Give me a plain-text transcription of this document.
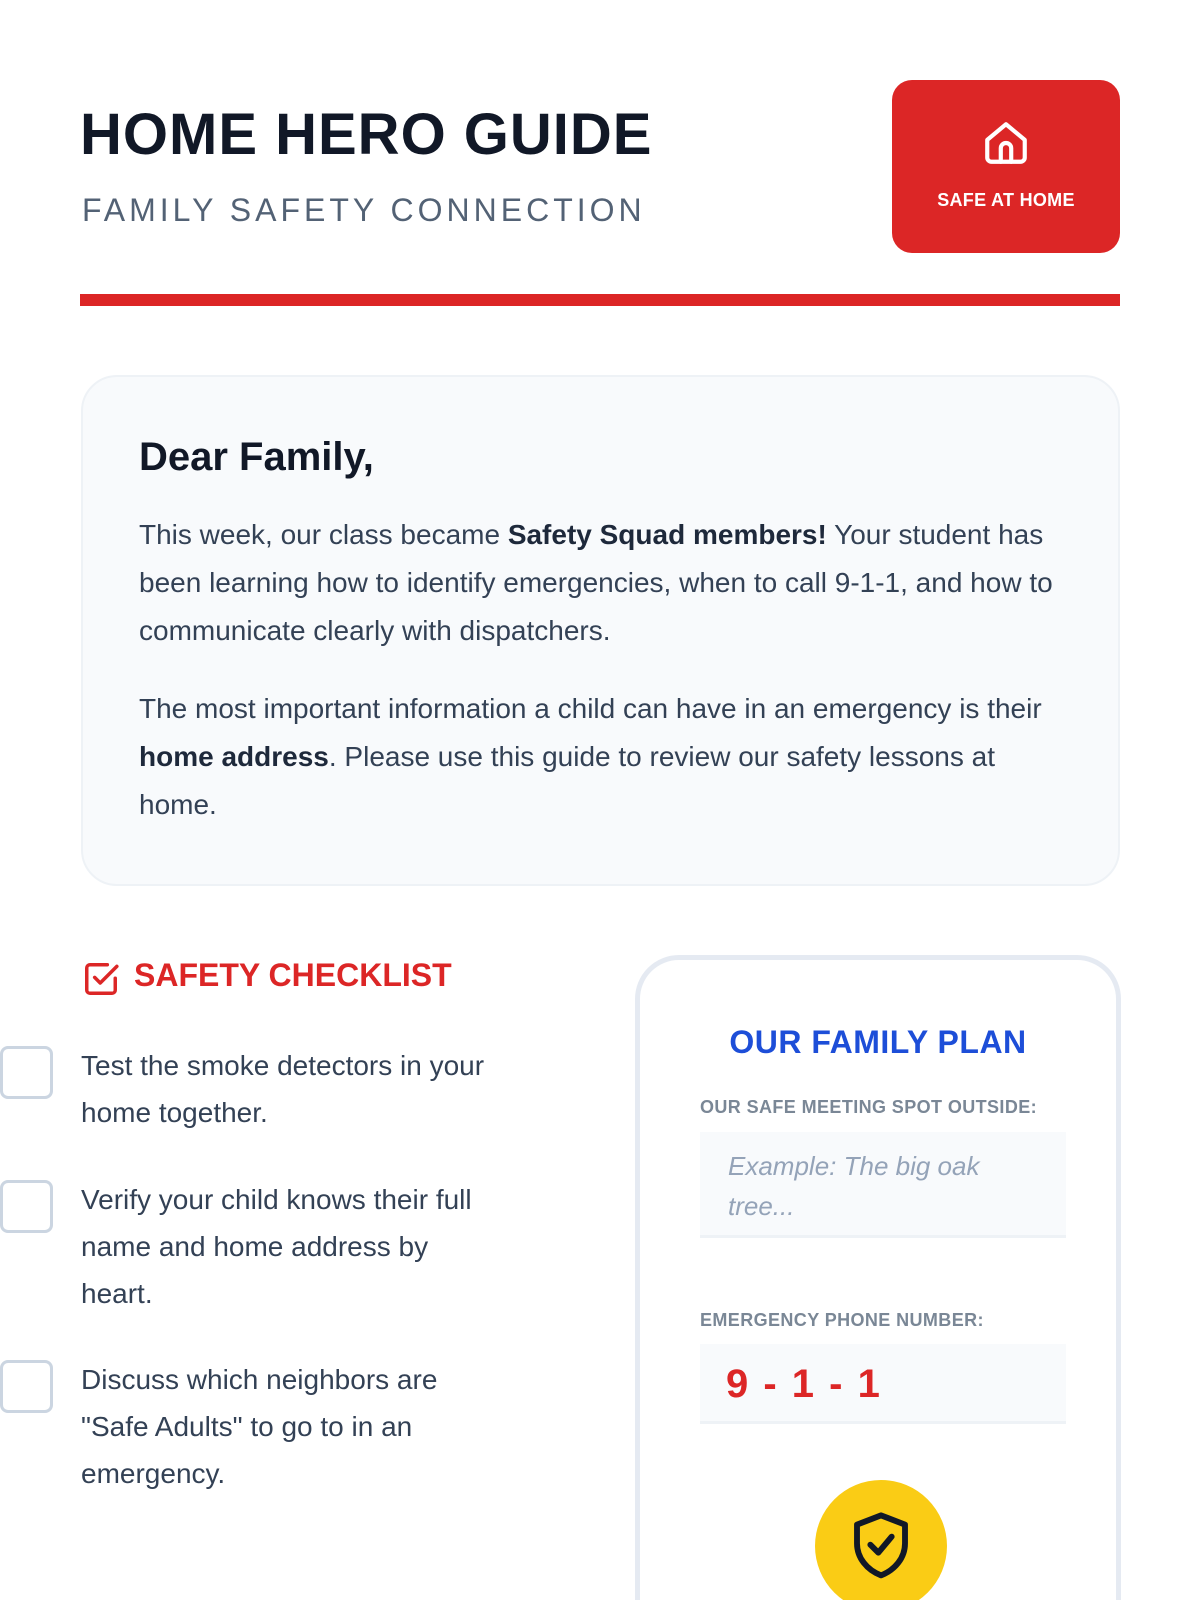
HOME HERO GUIDE
FAMILY SAFETY CONNECTION	SAFE AT HOME
Dear Family,

This week, our class became Safety Squad members! Your student has been learning how to identify emergencies, when to call 9-1-1, and how to communicate clearly with dispatchers.

The most important information a child can have in an emergency is their home address. Please use this guide to review our safety lessons at home.

SAFETY CHECKLIST
Test the smoke detectors in your home together.
Verify your child knows their full name and home address by heart.
Discuss which neighbors are "Safe Adults" to go to in an emergency.
OUR FAMILY PLAN
OUR SAFE MEETING SPOT OUTSIDE:
Example: The big oak tree...
EMERGENCY PHONE NUMBER:
9 - 1 - 1
